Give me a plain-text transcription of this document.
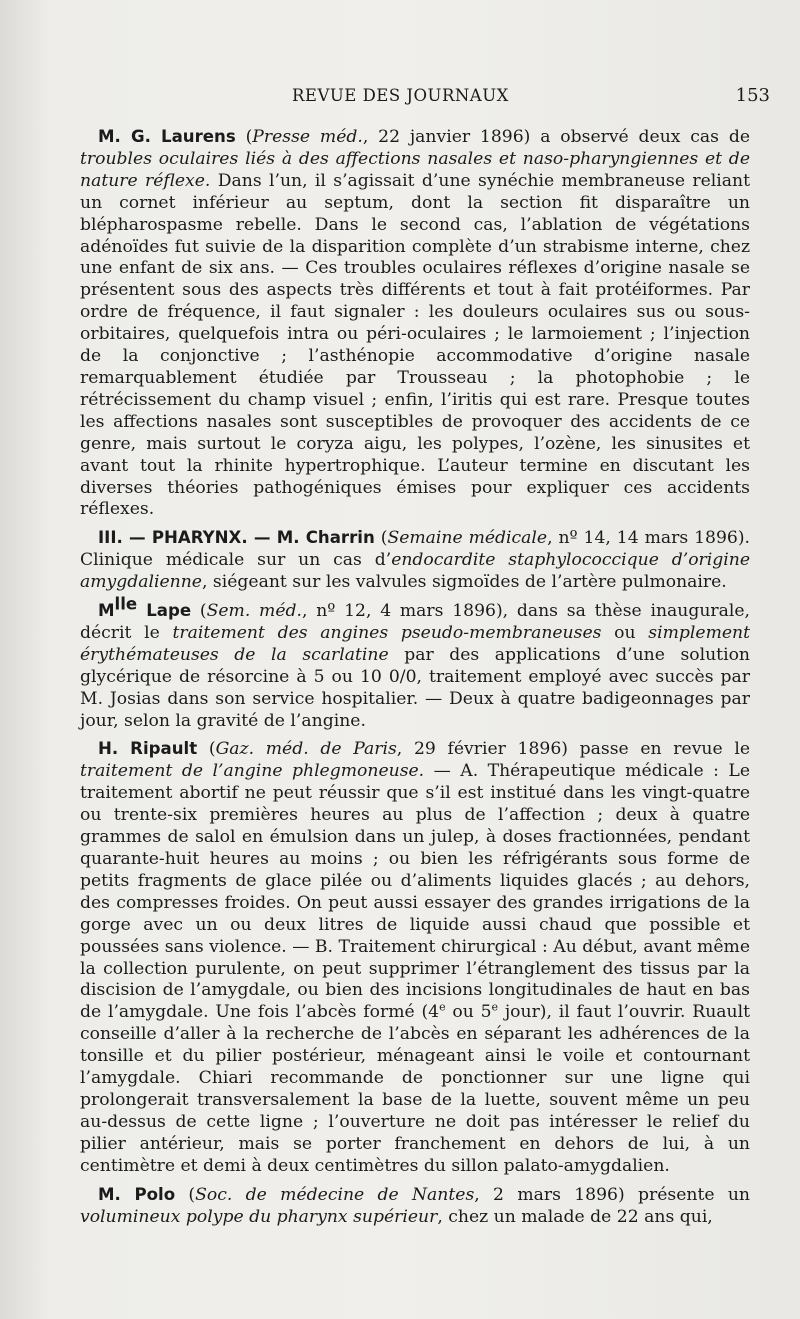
REVUE DES JOURNAUX	153

M. G. Laurens (Presse méd., 22 janvier 1896) a observé deux cas de troubles oculaires liés à des affections nasales et naso-pharyngiennes et de nature réflexe. Dans l’un, il s’agissait d’une synéchie membraneuse reliant un cornet inférieur au septum, dont la section fit disparaître un blépharospasme rebelle. Dans le second cas, l’ablation de végétations adénoïdes fut suivie de la disparition complète d’un strabisme interne, chez une enfant de six ans. — Ces troubles oculaires réflexes d’origine nasale se présentent sous des aspects très différents et tout à fait protéiformes. Par ordre de fréquence, il faut signaler : les douleurs oculaires sus ou sous-orbitaires, quelquefois intra ou péri-oculaires ; le larmoiement ; l’injection de la conjonctive ; l’asthénopie accommodative d’origine nasale remarquablement étudiée par Trousseau ; la photophobie ; le rétrécissement du champ visuel ; enfin, l’iritis qui est rare. Presque toutes les affections nasales sont susceptibles de provoquer des accidents de ce genre, mais surtout le coryza aigu, les polypes, l’ozène, les sinusites et avant tout la rhinite hypertrophique. L’auteur termine en discutant les diverses théories pathogéniques émises pour expliquer ces accidents réflexes.

III. — PHARYNX. — M. Charrin (Semaine médicale, nº 14, 14 mars 1896). Clinique médicale sur un cas d’endocardite staphylococcique d’origine amygdalienne, siégeant sur les valvules sigmoïdes de l’artère pulmonaire.

$M^{lle}$ Lape (Sem. méd., nº 12, 4 mars 1896), dans sa thèse inaugurale, décrit le traitement des angines pseudo-membraneuses ou simplement érythémateuses de la scarlatine par des applications d’une solution glycérique de résorcine à 5 ou 10 0/0, traitement employé avec succès par M. Josias dans son service hospitalier. — Deux à quatre badigeonnages par jour, selon la gravité de l’angine.

H. Ripault (Gaz. méd. de Paris, 29 février 1896) passe en revue le traitement de l’angine phlegmoneuse. — A. Thérapeutique médicale : Le traitement abortif ne peut réussir que s’il est institué dans les vingt-quatre ou trente-six premières heures au plus de l’affection ; deux à quatre grammes de salol en émulsion dans un julep, à doses fractionnées, pendant quarante-huit heures au moins ; ou bien les réfrigérants sous forme de petits fragments de glace pilée ou d’aliments liquides glacés ; au dehors, des compresses froides. On peut aussi essayer des grandes irrigations de la gorge avec un ou deux litres de liquide aussi chaud que possible et poussées sans violence. — B. Traitement chirurgical : Au début, avant même la collection purulente, on peut supprimer l’étranglement des tissus par la discision de l’amygdale, ou bien des incisions longitudinales de haut en bas de l’amygdale. Une fois l’abcès formé (4e ou 5e jour), il faut l’ouvrir. Ruault conseille d’aller à la recherche de l’abcès en séparant les adhérences de la tonsille et du pilier postérieur, ménageant ainsi le voile et contournant l’amygdale. Chiari recommande de ponctionner sur une ligne qui prolongerait transversalement la base de la luette, souvent même un peu au-dessus de cette ligne ; l’ouverture ne doit pas intéresser le relief du pilier antérieur, mais se porter franchement en dehors de lui, à un centimètre et demi à deux centimètres du sillon palato-amygdalien.

M. Polo (Soc. de médecine de Nantes, 2 mars 1896) présente un volumineux polype du pharynx supérieur, chez un malade de 22 ans qui,
